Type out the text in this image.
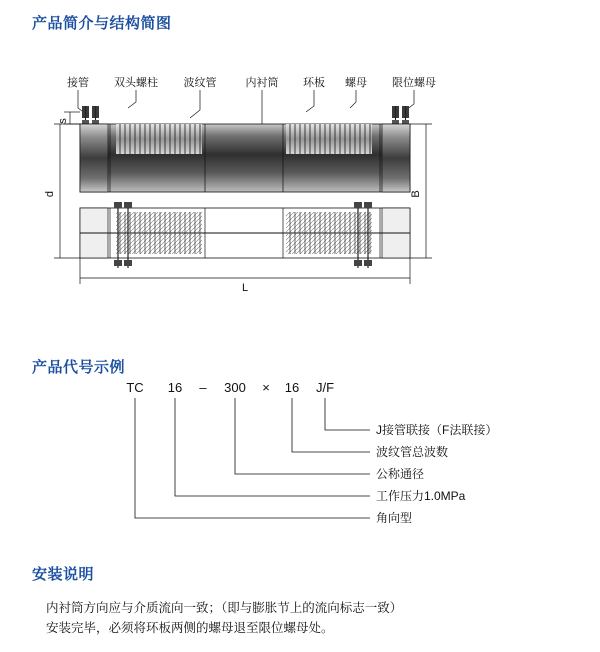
产品简介与结构简图
接管 双头螺柱 波纹管	内衬筒 环板 螺母 限位螺母
s
d	B
L
产品代号示例
TC 16 – 300 × 16 J/F
J接管联接（F法联接）
波纹管总波数
公称通径
工作压力1.0MPa
角向型
安装说明
内衬筒方向应与介质流向一致；（即与膨胀节上的流向标志一致）
安装完毕，必须将环板两侧的螺母退至限位螺母处。
